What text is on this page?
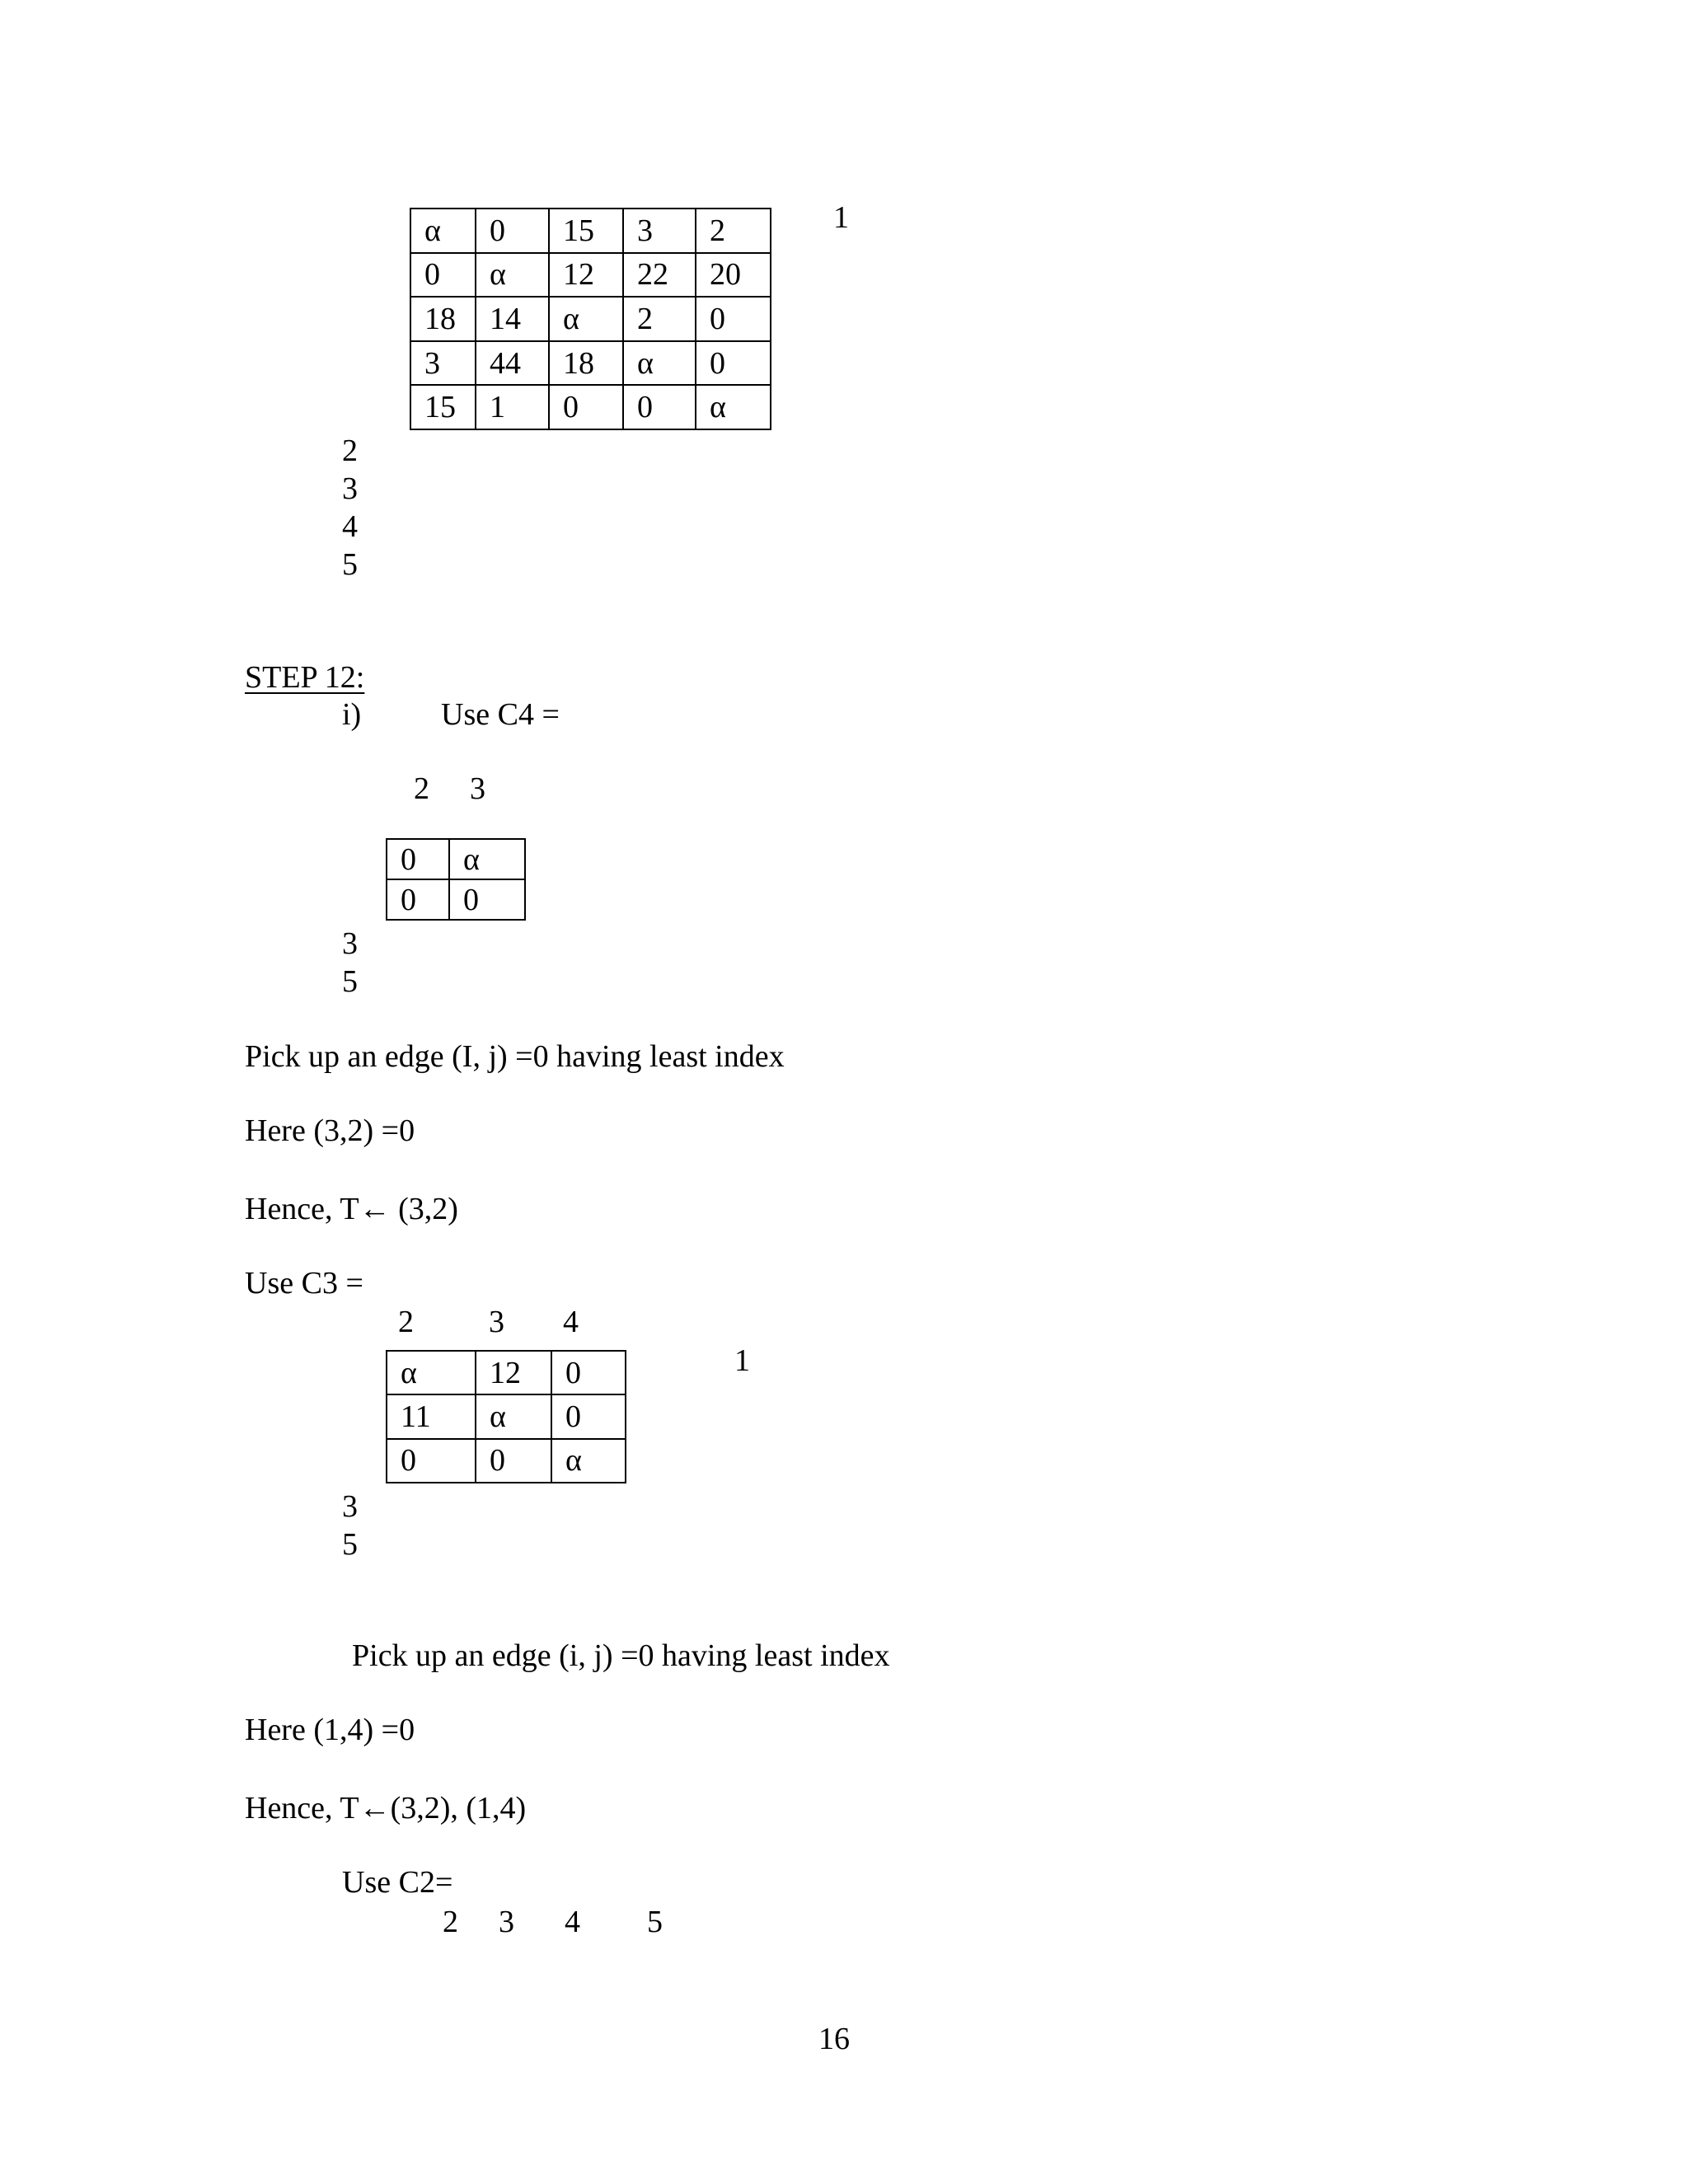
1
α	0	15	3	2
0	α	12	22	20
18	14	α	2	0
3	44	18	α	0
15	1	0	0	α
2
3
4
5
STEP 12:
i)	Use C4 =
2 3
0	α
0	0
3
5
Pick up an edge (I, j) =0 having least index
Here (3,2) =0
Hence, T← (3,2)
Use C3 =
2 3 4
1
α	12	0
11	α	0
0	0	α
3
5
Pick up an edge (i, j) =0 having least index
Here (1,4) =0
Hence, T←(3,2), (1,4)
Use C2=
2 3 4 5
16
